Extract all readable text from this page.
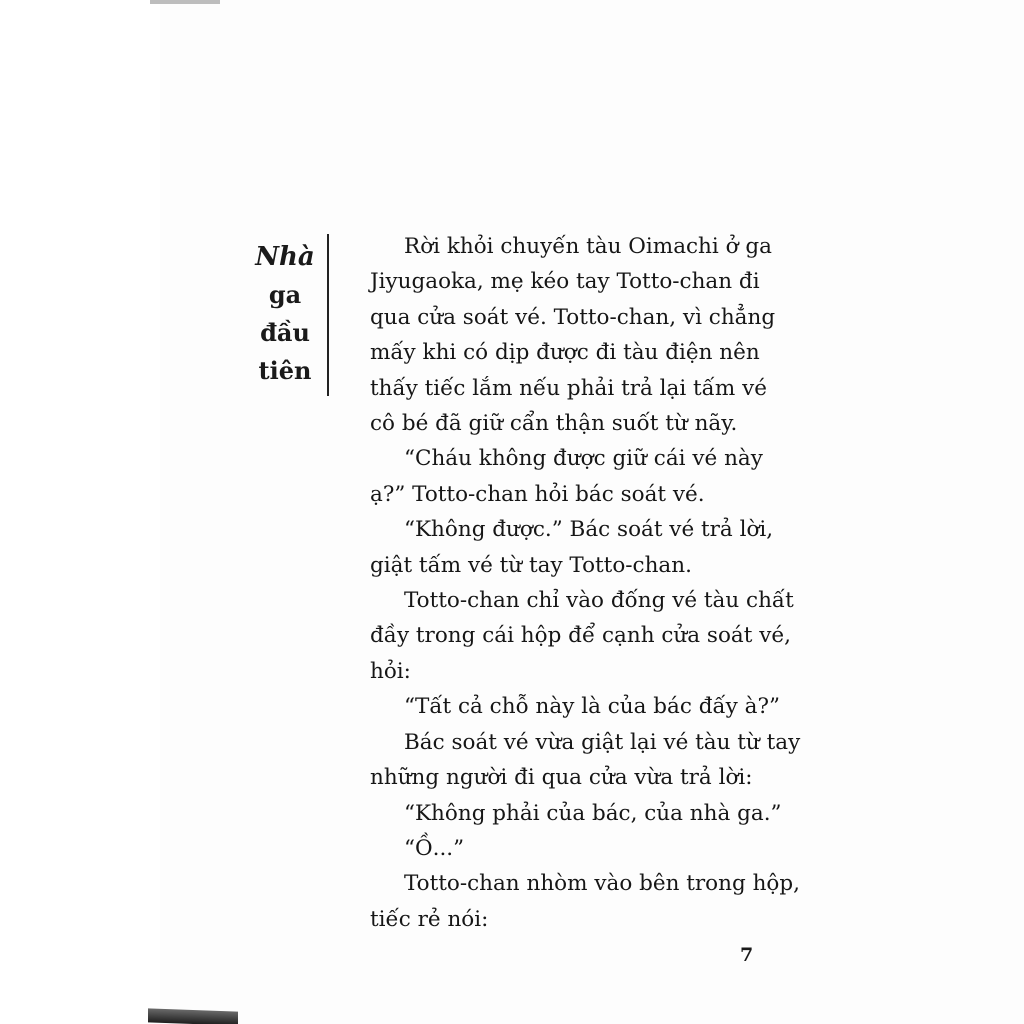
Nhà
ga
đầu
tiên
Rời khỏi chuyến tàu Oimachi ở ga
Jiyugaoka, mẹ kéo tay Totto-chan đi
qua cửa soát vé. Totto-chan, vì chẳng
mấy khi có dịp được đi tàu điện nên
thấy tiếc lắm nếu phải trả lại tấm vé
cô bé đã giữ cẩn thận suốt từ nãy.
“Cháu không được giữ cái vé này
ạ?” Totto-chan hỏi bác soát vé.
“Không được.” Bác soát vé trả lời,
giật tấm vé từ tay Totto-chan.
Totto-chan chỉ vào đống vé tàu chất
đầy trong cái hộp để cạnh cửa soát vé,
hỏi:
“Tất cả chỗ này là của bác đấy à?”
Bác soát vé vừa giật lại vé tàu từ tay
những người đi qua cửa vừa trả lời:
“Không phải của bác, của nhà ga.”
“Ồ...”
Totto-chan nhòm vào bên trong hộp,
tiếc rẻ nói:
7
